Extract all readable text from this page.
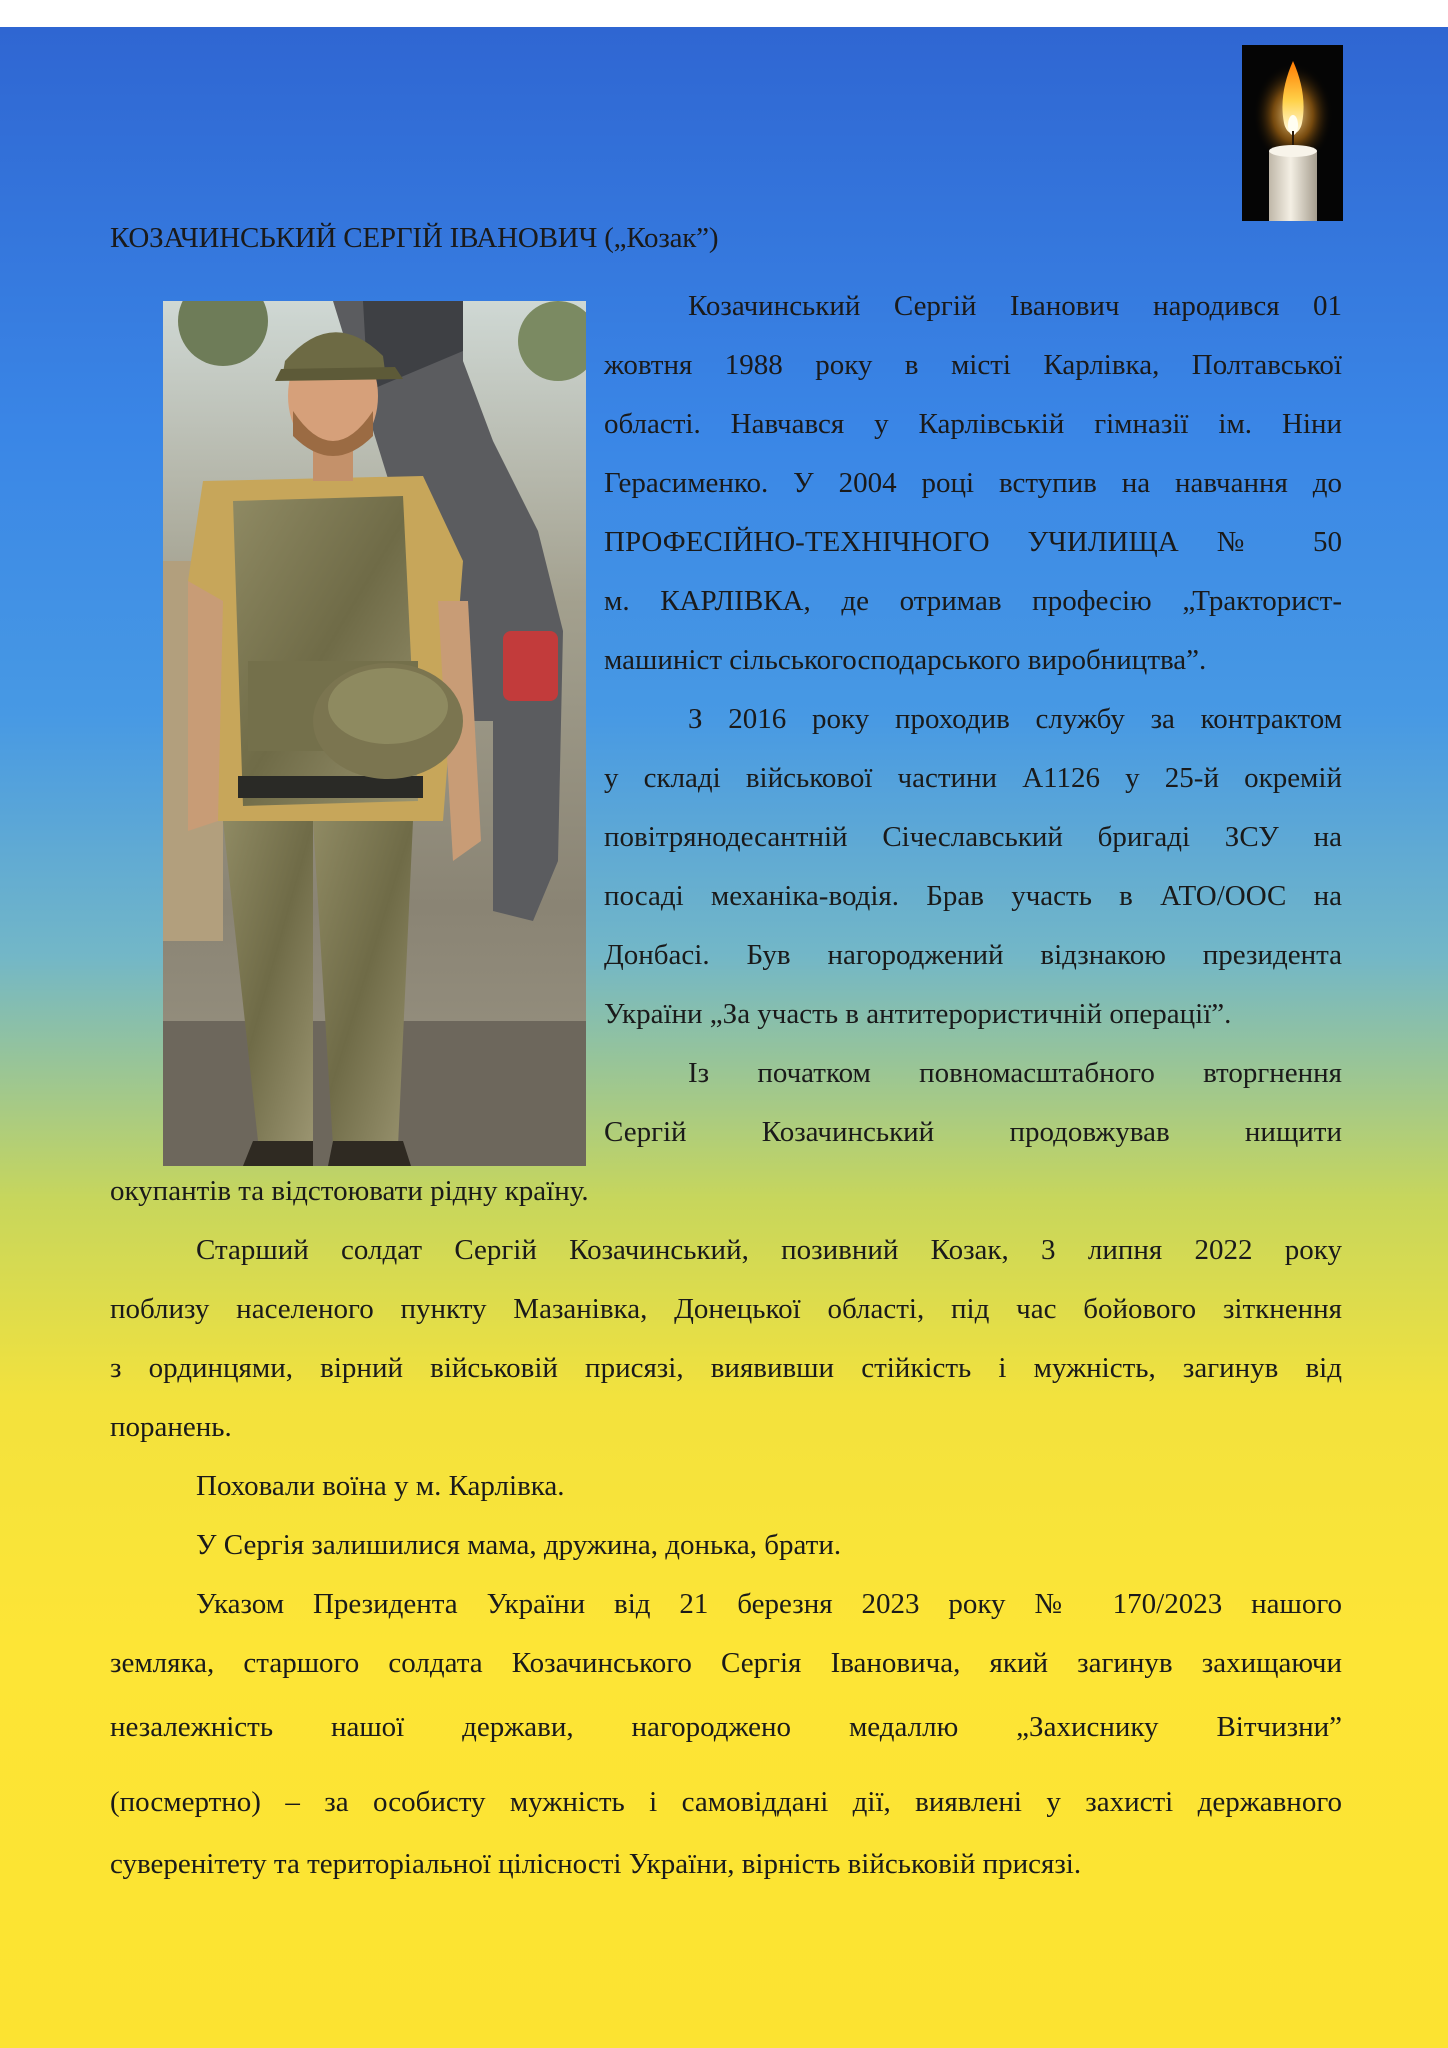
КОЗАЧИНСЬКИЙ СЕРГІЙ ІВАНОВИЧ („Козак”)

Козачинський Сергій Іванович народився 01

жовтня 1988 року в місті Карлівка, Полтавської

області. Навчався у Карлівській гімназії ім. Ніни

Герасименко. У 2004 році вступив на навчання до

ПРОФЕСІЙНО-ТЕХНІЧНОГО УЧИЛИЩА № 50

м. КАРЛІВКА, де отримав професію „Тракторист-

машиніст сільськогосподарського виробництва”.

З 2016 року проходив службу за контрактом

у складі військової частини А1126 у 25-й окремій

повітрянодесантній Січеславський бригаді ЗСУ на

посаді механіка-водія. Брав участь в АТО/ООС на

Донбасі. Був нагороджений відзнакою президента

України „За участь в антитерористичній операції”.

Із початком повномасштабного вторгнення

Сергій Козачинський продовжував нищити

окупантів та відстоювати рідну країну.

Старший солдат Сергій Козачинський, позивний Козак, 3 липня 2022 року

поблизу населеного пункту Мазанівка, Донецької області, під час бойового зіткнення

з ординцями, вірний військовій присязі, виявивши стійкість і мужність, загинув від

поранень.

Поховали воїна у м. Карлівка.

У Сергія залишилися мама, дружина, донька, брати.

Указом Президента України від 21 березня 2023 року № 170/2023 нашого

земляка, старшого солдата Козачинського Сергія Івановича, який загинув захищаючи

незалежність нашої держави, нагороджено медаллю „Захиснику Вітчизни”

(посмертно) – за особисту мужність і самовіддані дії, виявлені у захисті державного

суверенітету та територіальної цілісності України, вірність військовій присязі.
